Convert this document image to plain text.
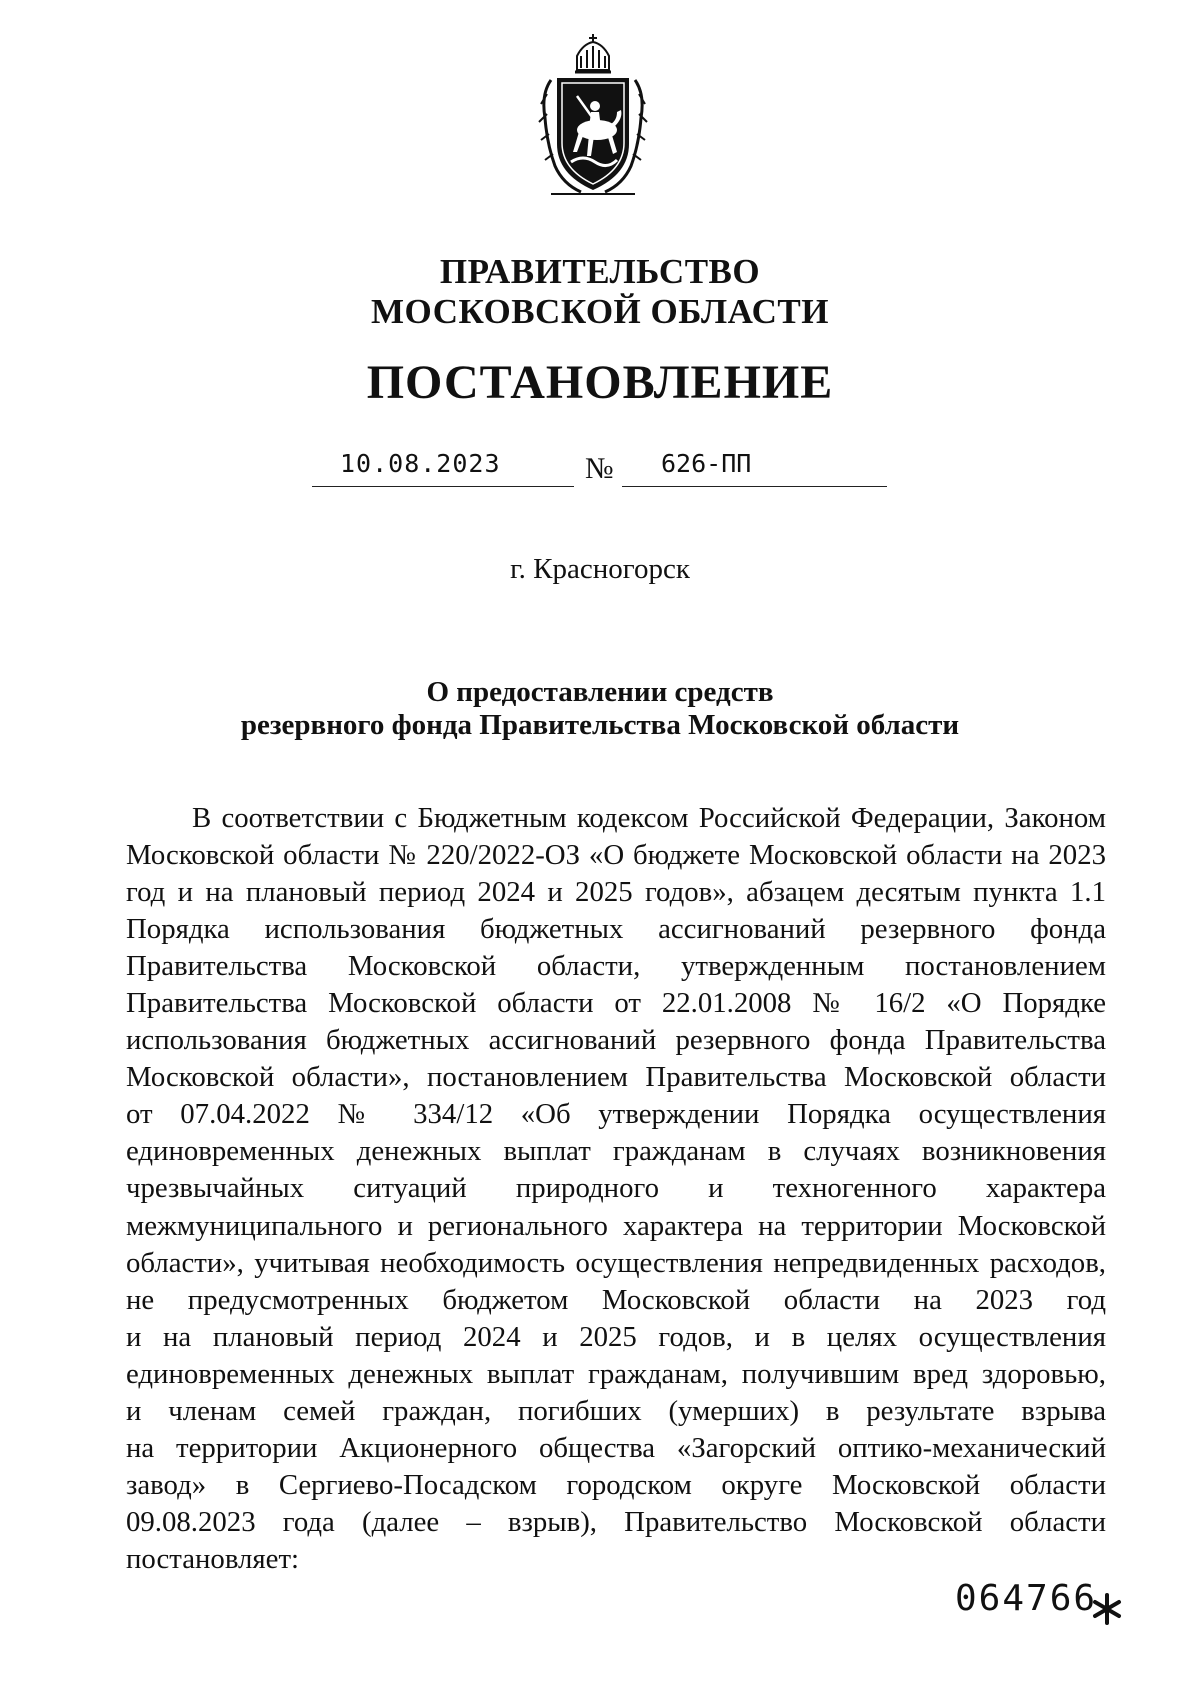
ПРАВИТЕЛЬСТВО
МОСКОВСКОЙ ОБЛАСТИ
ПОСТАНОВЛЕНИЕ
10.08.2023	№ 626-ПП
г. Красногорск
О предоставлении средств
резервного фонда Правительства Московской области

В соответствии с Бюджетным кодексом Российской Федерации, Законом

Московской области № 220/2022-ОЗ «О бюджете Московской области на 2023

год и на плановый период 2024 и 2025 годов», абзацем десятым пункта 1.1

Порядка использования бюджетных ассигнований резервного фонда

Правительства Московской области, утвержденным постановлением

Правительства Московской области от 22.01.2008 № 16/2 «О Порядке

использования бюджетных ассигнований резервного фонда Правительства

Московской области», постановлением Правительства Московской области

от 07.04.2022 № 334/12 «Об утверждении Порядка осуществления

единовременных денежных выплат гражданам в случаях возникновения

чрезвычайных ситуаций природного и техногенного характера

межмуниципального и регионального характера на территории Московской

области», учитывая необходимость осуществления непредвиденных расходов,

не предусмотренных бюджетом Московской области на 2023 год

и на плановый период 2024 и 2025 годов, и в целях осуществления

единовременных денежных выплат гражданам, получившим вред здоровью,

и членам семей граждан, погибших (умерших) в результате взрыва

на территории Акционерного общества «Загорский оптико-механический

завод» в Сергиево-Посадском городском округе Московской области

09.08.2023 года (далее – взрыв), Правительство Московской области

постановляет:

064766
